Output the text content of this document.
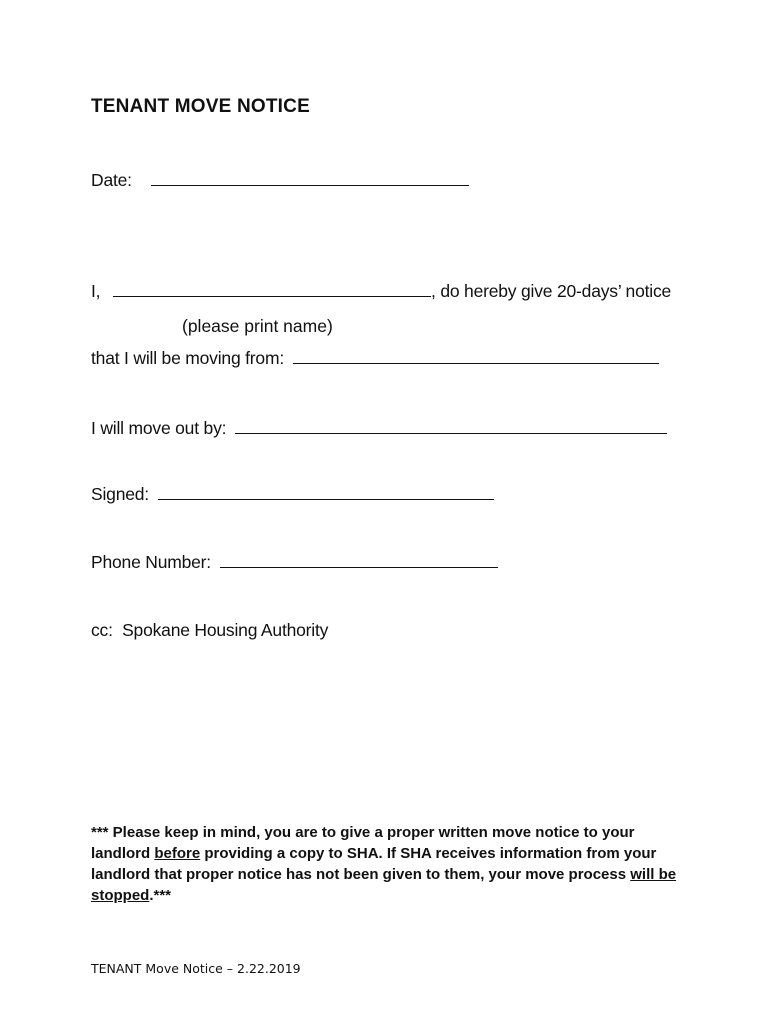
TENANT MOVE NOTICE
Date:
I,	, do hereby give 20-days’ notice
(please print name)
that I will be moving from:
I will move out by:
Signed:
Phone Number:
cc:  Spokane Housing Authority
*** Please keep in mind, you are to give a proper written move notice to your landlord before providing a copy to SHA. If SHA receives information from your landlord that proper notice has not been given to them, your move process will be stopped.***
TENANT Move Notice – 2.22.2019
